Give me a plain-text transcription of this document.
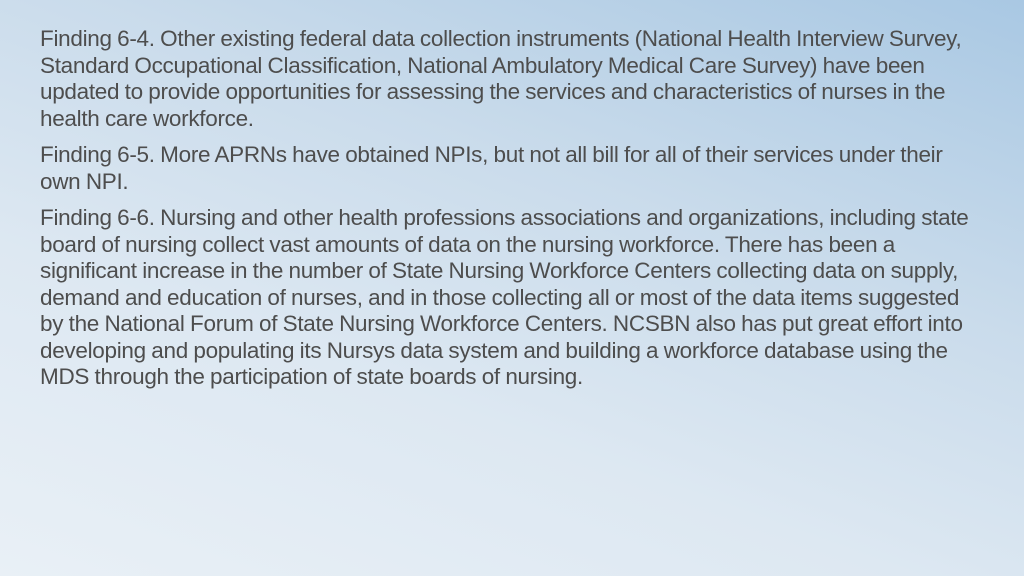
Finding 6-4. Other existing federal data collection instruments (National Health Interview Survey, Standard Occupational Classification, National Ambulatory Medical Care Survey) have been updated to provide opportunities for assessing the services and characteristics of nurses in the health care workforce.

Finding 6-5. More APRNs have obtained NPIs, but not all bill for all of their services under their own NPI.

Finding 6-6. Nursing and other health professions associations and organizations, including state board of nursing collect vast amounts of data on the nursing workforce. There has been a significant increase in the number of State Nursing Workforce Centers collecting data on supply, demand and education of nurses, and in those collecting all or most of the data items suggested by the National Forum of State Nursing Workforce Centers. NCSBN also has put great effort into developing and populating its Nursys data system and building a workforce database using the MDS through the participation of state boards of nursing.
